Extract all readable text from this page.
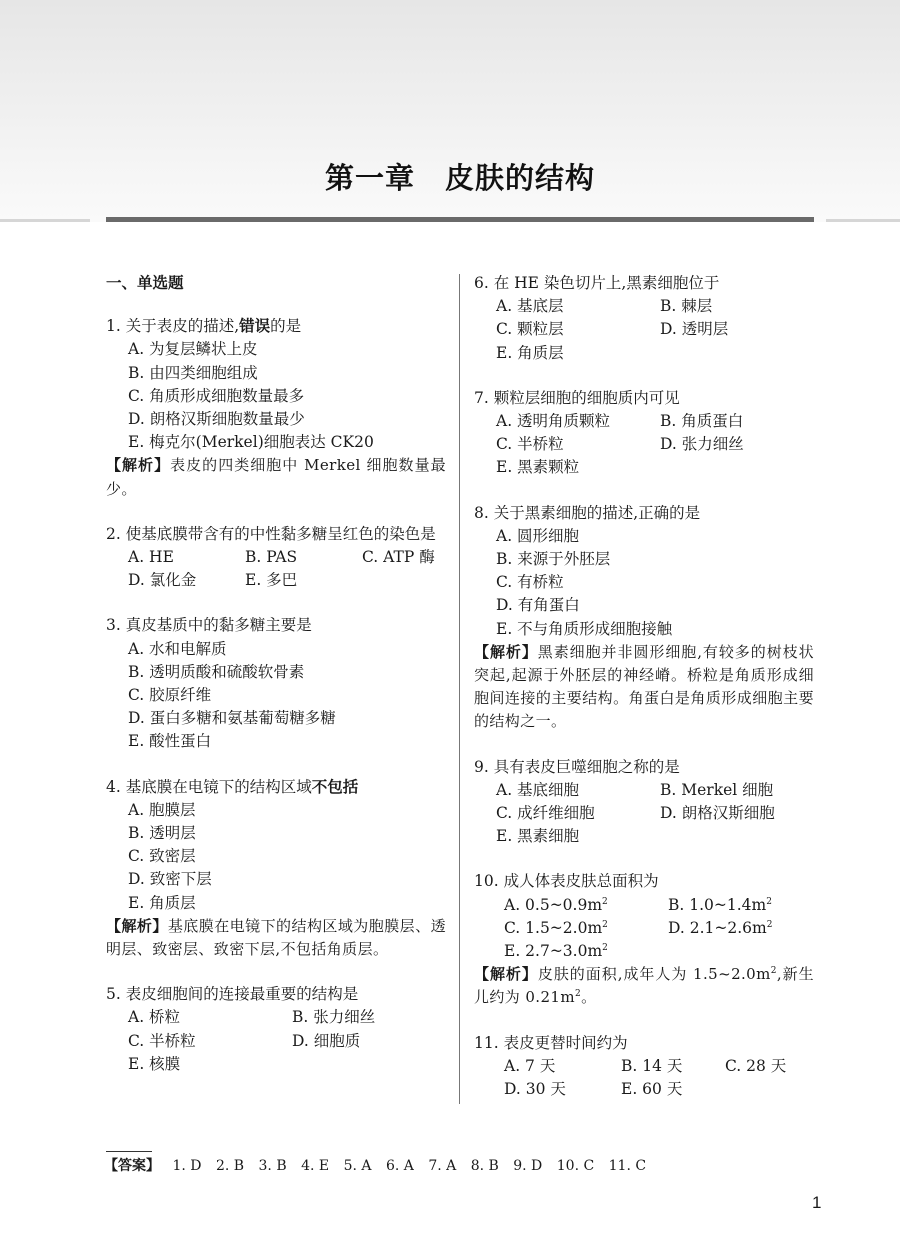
第一章　皮肤的结构
一、单选题
1. 关于表皮的描述,错误的是
A. 为复层鳞状上皮
B. 由四类细胞组成
C. 角质形成细胞数量最多
D. 朗格汉斯细胞数量最少
E. 梅克尔(Merkel)细胞表达 CK20
【解析】表皮的四类细胞中 Merkel 细胞数量最少。
2. 使基底膜带含有的中性黏多糖呈红色的染色是
A. HE	B. PAS	C. ATP 酶
D. 氯化金	E. 多巴
3. 真皮基质中的黏多糖主要是
A. 水和电解质
B. 透明质酸和硫酸软骨素
C. 胶原纤维
D. 蛋白多糖和氨基葡萄糖多糖
E. 酸性蛋白
4. 基底膜在电镜下的结构区域不包括
A. 胞膜层
B. 透明层
C. 致密层
D. 致密下层
E. 角质层
【解析】基底膜在电镜下的结构区域为胞膜层、透明层、致密层、致密下层,不包括角质层。
5. 表皮细胞间的连接最重要的结构是
A. 桥粒	B. 张力细丝
C. 半桥粒	D. 细胞质
E. 核膜
6. 在 HE 染色切片上,黑素细胞位于
A. 基底层	B. 棘层
C. 颗粒层	D. 透明层
E. 角质层
7. 颗粒层细胞的细胞质内可见
A. 透明角质颗粒	B. 角质蛋白
C. 半桥粒	D. 张力细丝
E. 黑素颗粒
8. 关于黑素细胞的描述,正确的是
A. 圆形细胞
B. 来源于外胚层
C. 有桥粒
D. 有角蛋白
E. 不与角质形成细胞接触
【解析】黑素细胞并非圆形细胞,有较多的树枝状突起,起源于外胚层的神经嵴。桥粒是角质形成细胞间连接的主要结构。角蛋白是角质形成细胞主要的结构之一。
9. 具有表皮巨噬细胞之称的是
A. 基底细胞	B. Merkel 细胞
C. 成纤维细胞	D. 朗格汉斯细胞
E. 黑素细胞
10. 成人体表皮肤总面积为
A. $0.5\sim 0.9m^2$	B. $1.0\sim 1.4m^2$
C. $1.5\sim 2.0m^2$	D. $2.1\sim 2.6m^2$
E. $2.7\sim 3.0m^2$
【解析】皮肤的面积,成年人为 $1.5\sim 2.0m^2$,新生儿约为 $0.21m^2$。
11. 表皮更替时间约为
A. 7 天	B. 14 天	C. 28 天
D. 30 天	E. 60 天
【答案】 1. D 2. B 3. B 4. E 5. A 6. A 7. A 8. B 9. D 10. C 11. C
1
